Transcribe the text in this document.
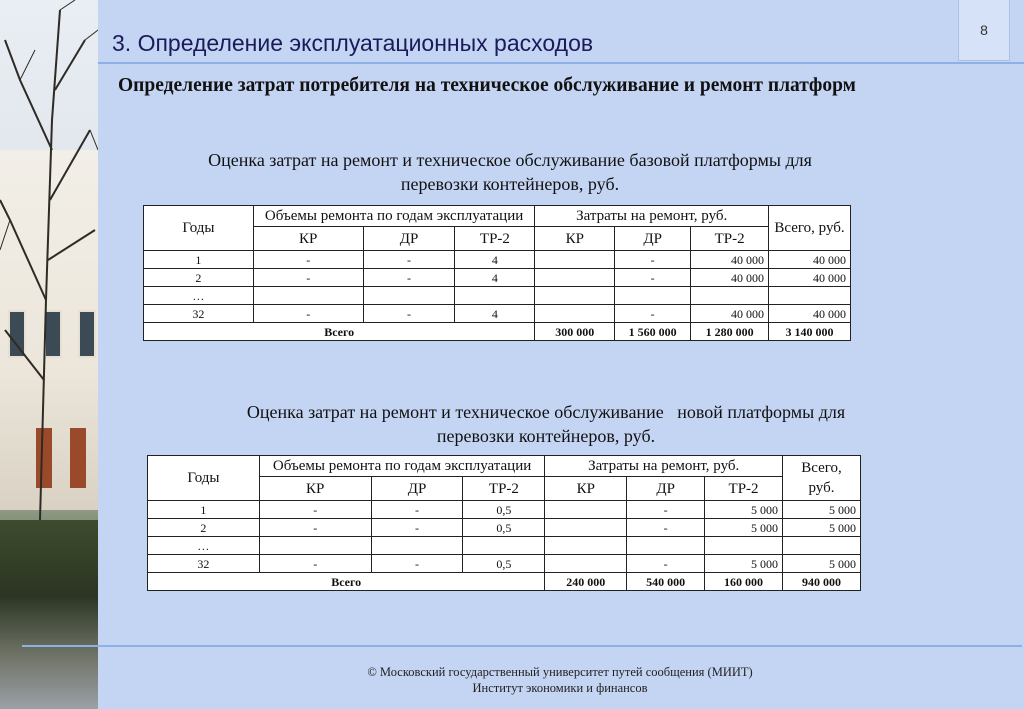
3. Определение эксплуатационных расходов	8
Определение затрат потребителя на техническое обслуживание и ремонт платформ
Оценка затрат на ремонт и техническое обслуживание базовой платформы для
перевозки контейнеров, руб.
Годы	Объемы ремонта по годам эксплуатации			Затраты на ремонт, руб.			Всего, руб.
	КР	ДР	ТР-2	КР	ДР	ТР-2	
1	-	-	4		-	40 000	40 000
2	-	-	4		-	40 000	40 000
…							
32	-	-	4		-	40 000	40 000
Всего				300 000	1 560 000	1 280 000	3 140 000
Оценка затрат на ремонт и техническое обслуживание   новой платформы для
перевозки контейнеров, руб.
Годы	Объемы ремонта по годам эксплуатации			Затраты на ремонт, руб.			Всего, руб.
	КР	ДР	ТР-2	КР	ДР	ТР-2	
1	-	-	0,5		-	5 000	5 000
2	-	-	0,5		-	5 000	5 000
…							
32	-	-	0,5		-	5 000	5 000
Всего				240 000	540 000	160 000	940 000
© Московский государственный университет путей сообщения (МИИТ)
Институт экономики и финансов
